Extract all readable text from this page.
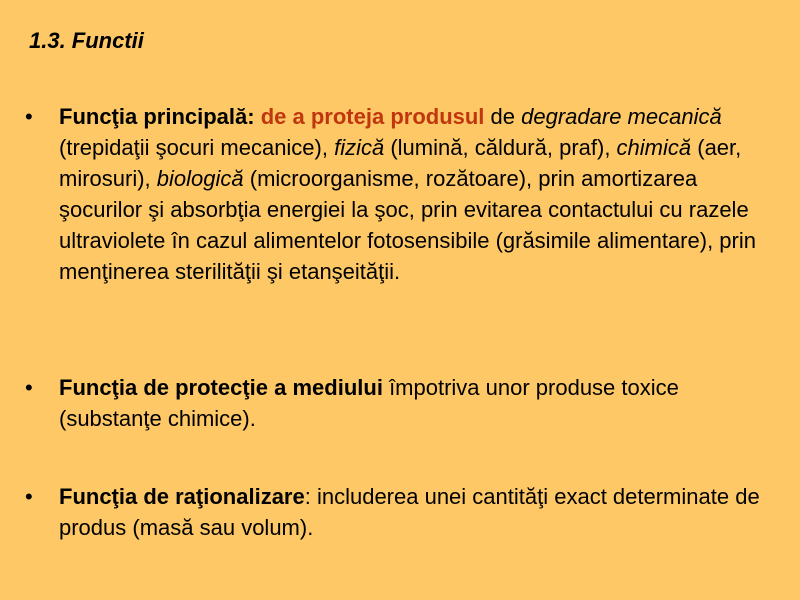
1.3. Functii
• Funcţia principală: de a proteja produsul de degradare mecanică (trepidaţii şocuri mecanice), fizică (lumină, căldură, praf), chimică (aer, mirosuri), biologică (microorganisme, rozătoare), prin amortizarea şocurilor şi absorbţia energiei la şoc, prin evitarea contactului cu razele ultraviolete în cazul alimentelor fotosensibile (grăsimile alimentare), prin menţinerea sterilităţii şi etanşeităţii.
• Funcţia de protecţie a mediului împotriva unor produse toxice (substanţe chimice).
• Funcţia de raţionalizare: includerea unei cantităţi exact determinate de produs (masă sau volum).
